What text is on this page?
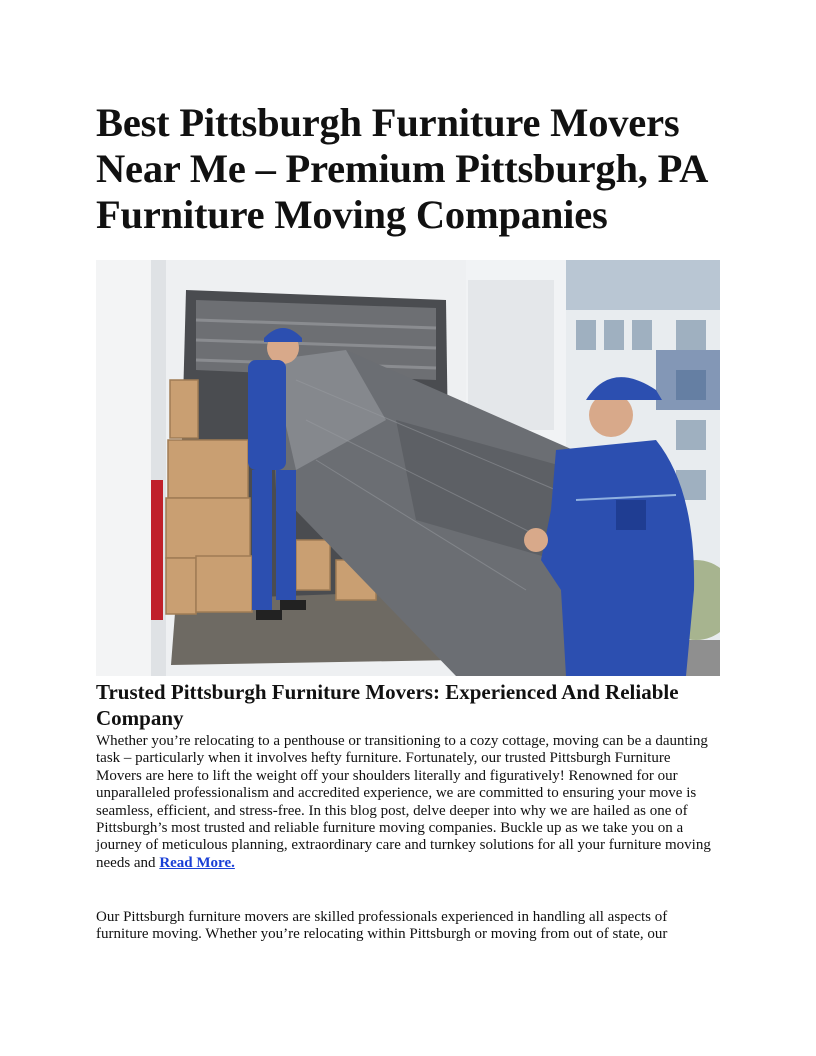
Best Pittsburgh Furniture Movers Near Me – Premium Pittsburgh, PA Furniture Moving Companies
Trusted Pittsburgh Furniture Movers: Experienced And Reliable Company

Whether you’re relocating to a penthouse or transitioning to a cozy cottage, moving can be a daunting task – particularly when it involves hefty furniture. Fortunately, our trusted Pittsburgh Furniture Movers are here to lift the weight off your shoulders literally and figuratively! Renowned for our unparalleled professionalism and accredited experience, we are committed to ensuring your move is seamless, efficient, and stress-free. In this blog post, delve deeper into why we are hailed as one of Pittsburgh’s most trusted and reliable furniture moving companies. Buckle up as we take you on a journey of meticulous planning, extraordinary care and turnkey solutions for all your furniture moving needs and Read More.

Our Pittsburgh furniture movers are skilled professionals experienced in handling all aspects of furniture moving. Whether you’re relocating within Pittsburgh or moving from out of state, our
